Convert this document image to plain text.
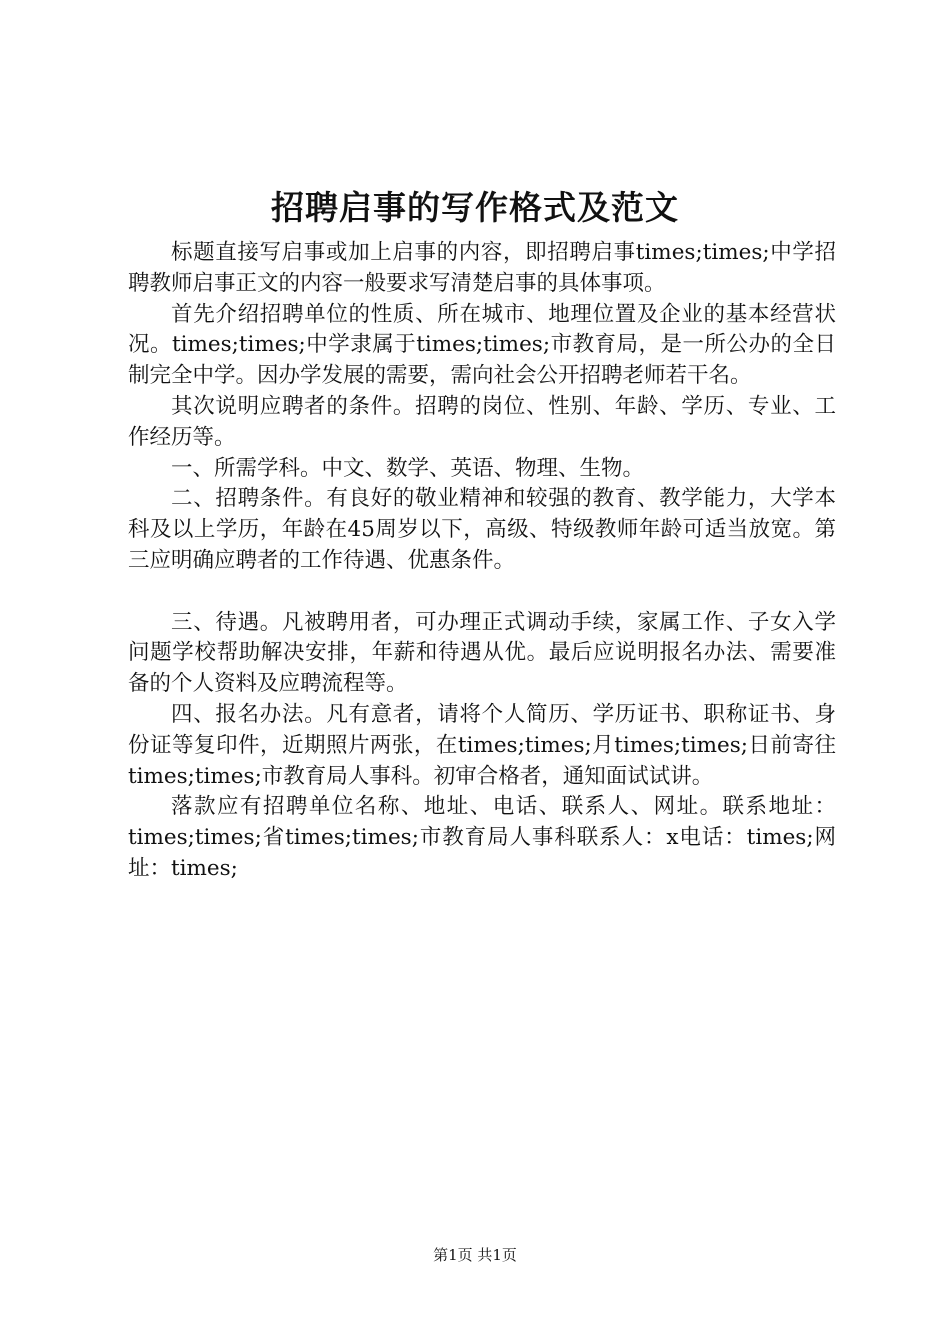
招聘启事的写作格式及范文

标题直接写启事或加上启事的内容，即招聘启事times;times;中学招聘教师启事正文的内容一般要求写清楚启事的具体事项。

首先介绍招聘单位的性质、所在城市、地理位置及企业的基本经营状况。times;times;中学隶属于times;times;市教育局，是一所公办的全日制完全中学。因办学发展的需要，需向社会公开招聘老师若干名。

其次说明应聘者的条件。招聘的岗位、性别、年龄、学历、专业、工作经历等。

一、所需学科。中文、数学、英语、物理、生物。

二、招聘条件。有良好的敬业精神和较强的教育、教学能力，大学本科及以上学历，年龄在45周岁以下，高级、特级教师年龄可适当放宽。第三应明确应聘者的工作待遇、优惠条件。

三、待遇。凡被聘用者，可办理正式调动手续，家属工作、子女入学问题学校帮助解决安排，年薪和待遇从优。最后应说明报名办法、需要准备的个人资料及应聘流程等。

四、报名办法。凡有意者，请将个人简历、学历证书、职称证书、身份证等复印件，近期照片两张，在times;times;月times;times;日前寄往times;times;市教育局人事科。初审合格者，通知面试试讲。

落款应有招聘单位名称、地址、电话、联系人、网址。联系地址：times;times;省times;times;市教育局人事科联系人：x电话：times;网址：times;

第1页 共1页
